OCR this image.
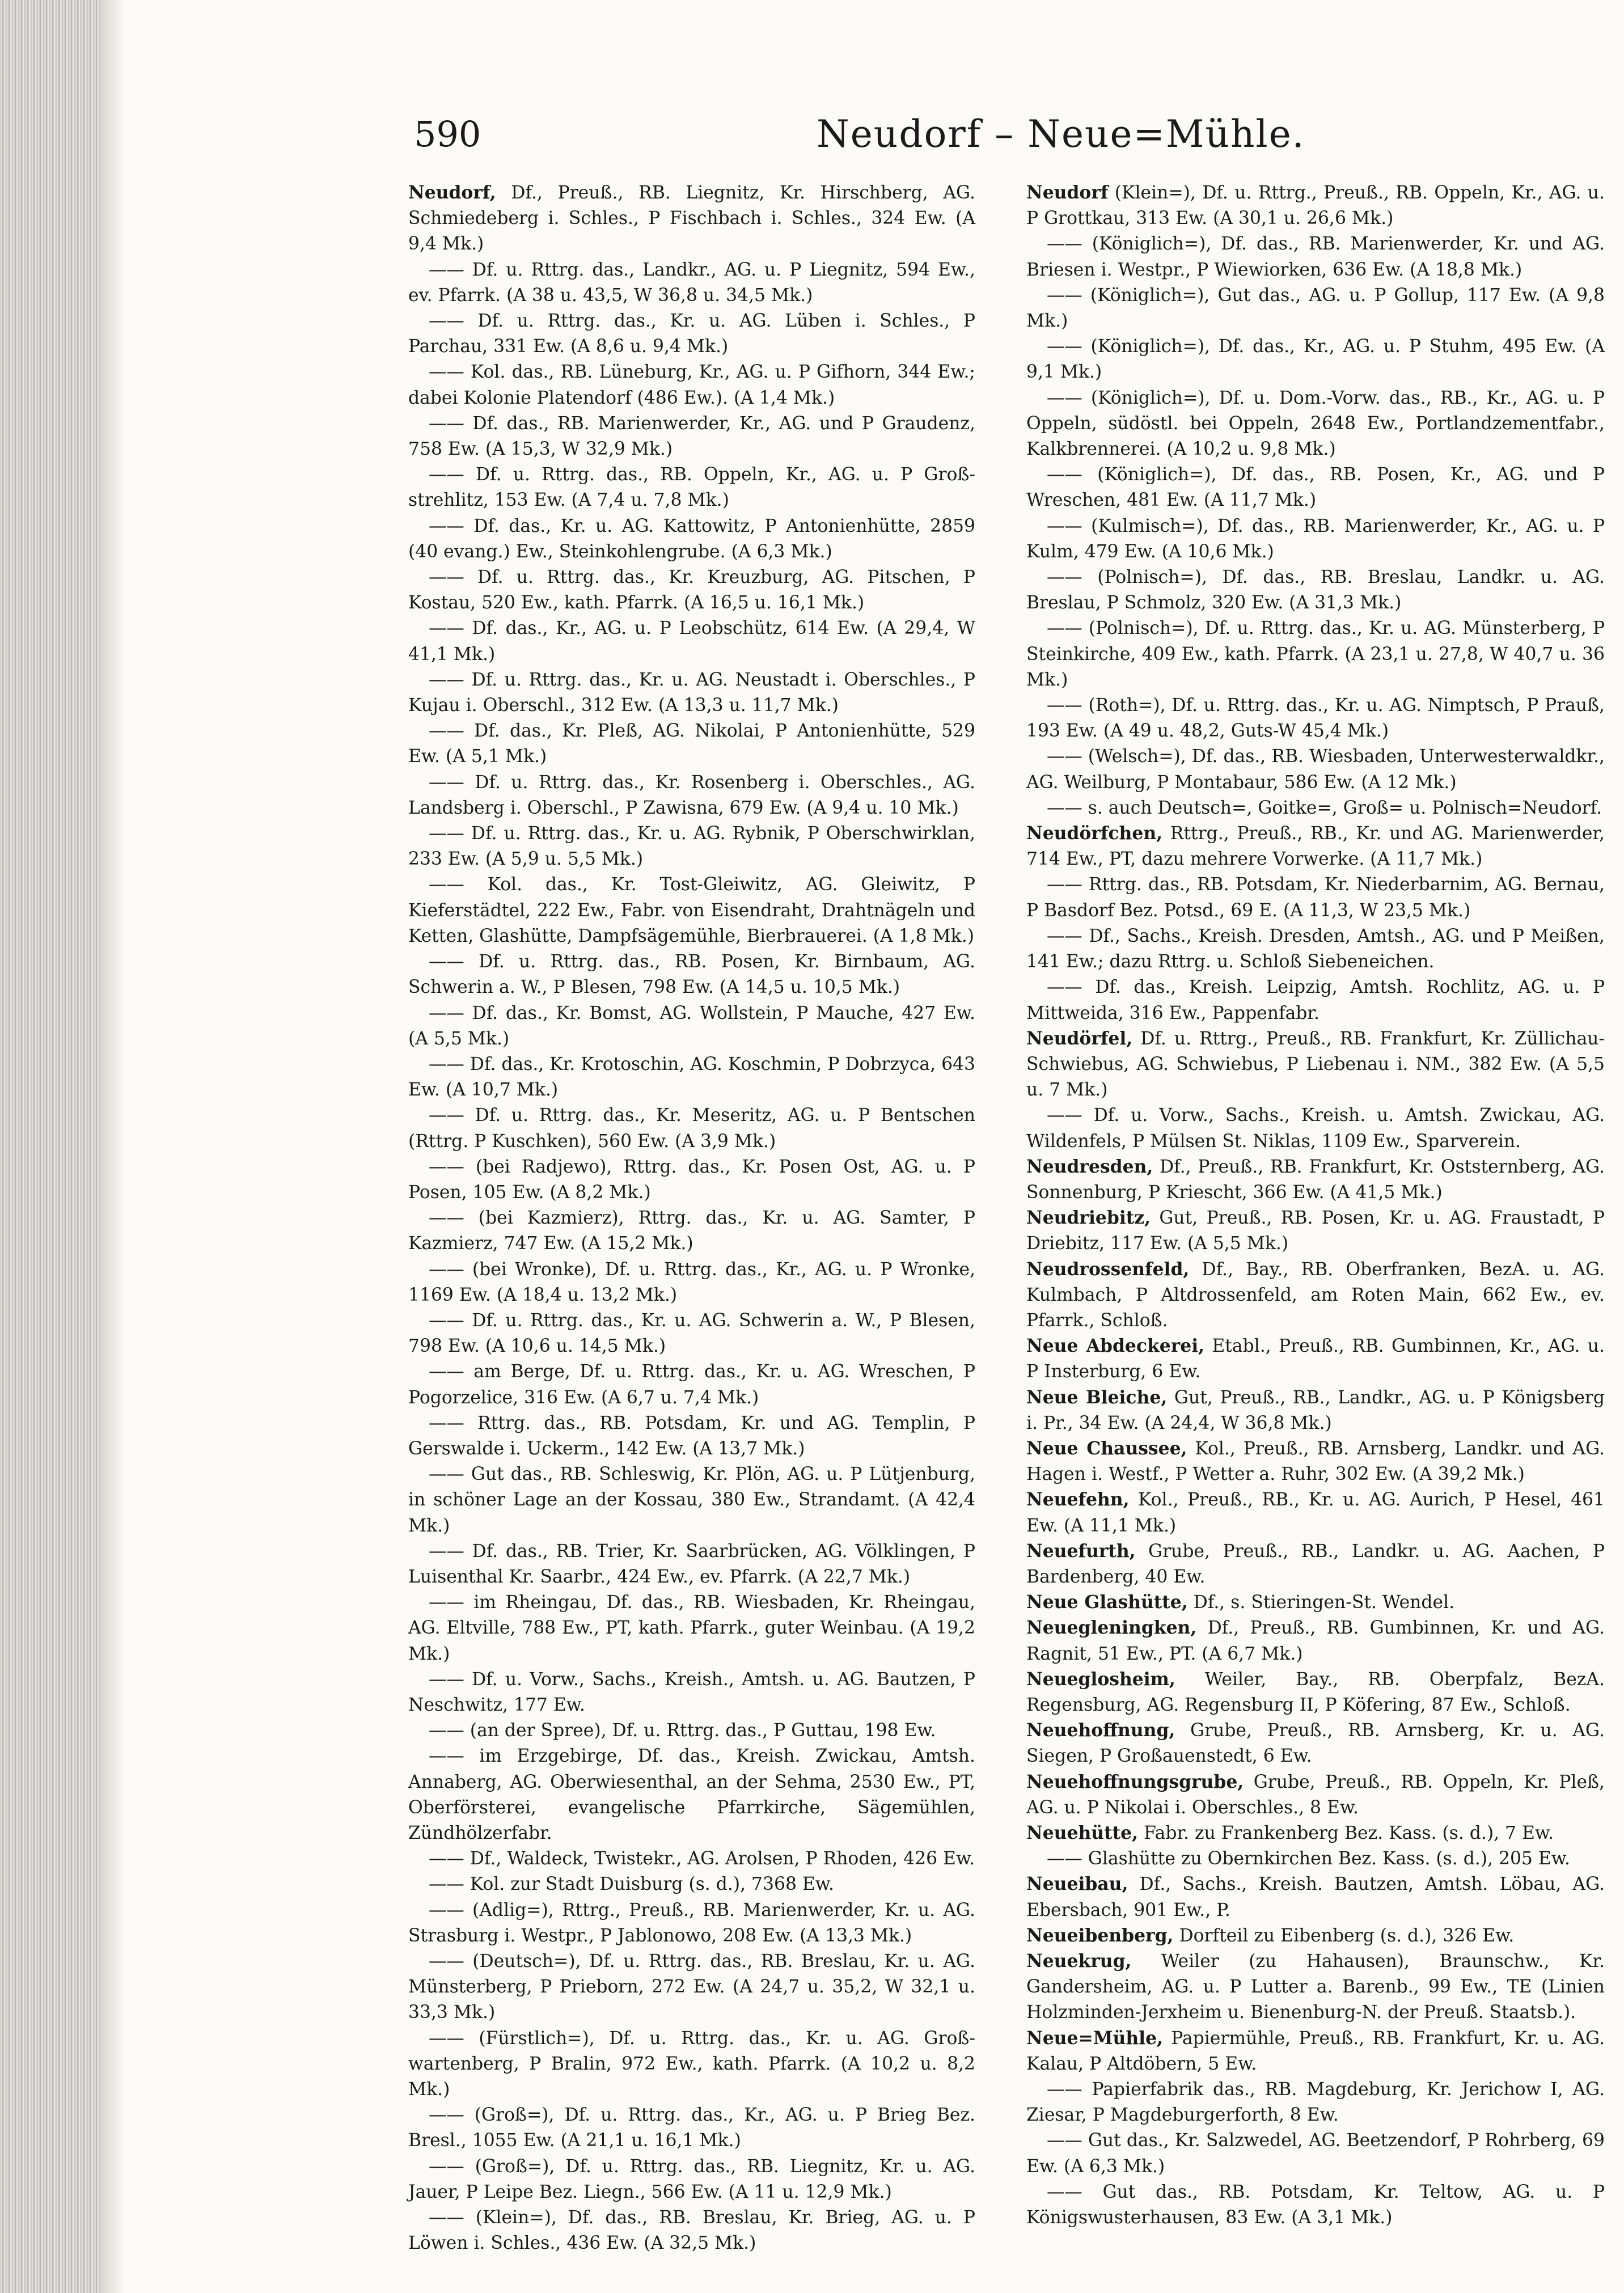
590	Neudorf – Neue=Mühle.

Neudorf, Df., Preuß., RB. Liegnitz, Kr. Hirschberg, AG. Schmiedeberg i. Schles., P Fischbach i. Schles., 324 Ew. (A 9,4 Mk.)

—— Df. u. Rttrg. das., Landkr., AG. u. P Liegnitz, 594 Ew., ev. Pfarrk. (A 38 u. 43,5, W 36,8 u. 34,5 Mk.)

—— Df. u. Rttrg. das., Kr. u. AG. Lüben i. Schles., P Parchau, 331 Ew. (A 8,6 u. 9,4 Mk.)

—— Kol. das., RB. Lüneburg, Kr., AG. u. P Gifhorn, 344 Ew.; dabei Kolonie Platendorf (486 Ew.). (A 1,4 Mk.)

—— Df. das., RB. Marienwerder, Kr., AG. und P Graudenz, 758 Ew. (A 15,3, W 32,9 Mk.)

—— Df. u. Rttrg. das., RB. Oppeln, Kr., AG. u. P Groß-strehlitz, 153 Ew. (A 7,4 u. 7,8 Mk.)

—— Df. das., Kr. u. AG. Kattowitz, P Antonienhütte, 2859 (40 evang.) Ew., Steinkohlengrube. (A 6,3 Mk.)

—— Df. u. Rttrg. das., Kr. Kreuzburg, AG. Pitschen, P Kostau, 520 Ew., kath. Pfarrk. (A 16,5 u. 16,1 Mk.)

—— Df. das., Kr., AG. u. P Leobschütz, 614 Ew. (A 29,4, W 41,1 Mk.)

—— Df. u. Rttrg. das., Kr. u. AG. Neustadt i. Oberschles., P Kujau i. Oberschl., 312 Ew. (A 13,3 u. 11,7 Mk.)

—— Df. das., Kr. Pleß, AG. Nikolai, P Antonienhütte, 529 Ew. (A 5,1 Mk.)

—— Df. u. Rttrg. das., Kr. Rosenberg i. Oberschles., AG. Landsberg i. Oberschl., P Zawisna, 679 Ew. (A 9,4 u. 10 Mk.)

—— Df. u. Rttrg. das., Kr. u. AG. Rybnik, P Oberschwirklan, 233 Ew. (A 5,9 u. 5,5 Mk.)

—— Kol. das., Kr. Tost-Gleiwitz, AG. Gleiwitz, P Kieferstädtel, 222 Ew., Fabr. von Eisendraht, Drahtnägeln und Ketten, Glashütte, Dampfsägemühle, Bierbrauerei. (A 1,8 Mk.)

—— Df. u. Rttrg. das., RB. Posen, Kr. Birnbaum, AG. Schwerin a. W., P Blesen, 798 Ew. (A 14,5 u. 10,5 Mk.)

—— Df. das., Kr. Bomst, AG. Wollstein, P Mauche, 427 Ew. (A 5,5 Mk.)

—— Df. das., Kr. Krotoschin, AG. Koschmin, P Dobrzyca, 643 Ew. (A 10,7 Mk.)

—— Df. u. Rttrg. das., Kr. Meseritz, AG. u. P Bentschen (Rttrg. P Kuschken), 560 Ew. (A 3,9 Mk.)

—— (bei Radjewo), Rttrg. das., Kr. Posen Ost, AG. u. P Posen, 105 Ew. (A 8,2 Mk.)

—— (bei Kazmierz), Rttrg. das., Kr. u. AG. Samter, P Kazmierz, 747 Ew. (A 15,2 Mk.)

—— (bei Wronke), Df. u. Rttrg. das., Kr., AG. u. P Wronke, 1169 Ew. (A 18,4 u. 13,2 Mk.)

—— Df. u. Rttrg. das., Kr. u. AG. Schwerin a. W., P Blesen, 798 Ew. (A 10,6 u. 14,5 Mk.)

—— am Berge, Df. u. Rttrg. das., Kr. u. AG. Wreschen, P Pogorzelice, 316 Ew. (A 6,7 u. 7,4 Mk.)

—— Rttrg. das., RB. Potsdam, Kr. und AG. Templin, P Gerswalde i. Uckerm., 142 Ew. (A 13,7 Mk.)

—— Gut das., RB. Schleswig, Kr. Plön, AG. u. P Lütjenburg, in schöner Lage an der Kossau, 380 Ew., Strandamt. (A 42,4 Mk.)

—— Df. das., RB. Trier, Kr. Saarbrücken, AG. Völklingen, P Luisenthal Kr. Saarbr., 424 Ew., ev. Pfarrk. (A 22,7 Mk.)

—— im Rheingau, Df. das., RB. Wiesbaden, Kr. Rheingau, AG. Eltville, 788 Ew., PT, kath. Pfarrk., guter Weinbau. (A 19,2 Mk.)

—— Df. u. Vorw., Sachs., Kreish., Amtsh. u. AG. Bautzen, P Neschwitz, 177 Ew.

—— (an der Spree), Df. u. Rttrg. das., P Guttau, 198 Ew.

—— im Erzgebirge, Df. das., Kreish. Zwickau, Amtsh. Annaberg, AG. Oberwiesenthal, an der Sehma, 2530 Ew., PT, Oberförsterei, evangelische Pfarrkirche, Sägemühlen, Zündhölzerfabr.

—— Df., Waldeck, Twistekr., AG. Arolsen, P Rhoden, 426 Ew.

—— Kol. zur Stadt Duisburg (s. d.), 7368 Ew.

—— (Adlig=), Rttrg., Preuß., RB. Marienwerder, Kr. u. AG. Strasburg i. Westpr., P Jablonowo, 208 Ew. (A 13,3 Mk.)

—— (Deutsch=), Df. u. Rttrg. das., RB. Breslau, Kr. u. AG. Münsterberg, P Prieborn, 272 Ew. (A 24,7 u. 35,2, W 32,1 u. 33,3 Mk.)

—— (Fürstlich=), Df. u. Rttrg. das., Kr. u. AG. Groß-wartenberg, P Bralin, 972 Ew., kath. Pfarrk. (A 10,2 u. 8,2 Mk.)

—— (Groß=), Df. u. Rttrg. das., Kr., AG. u. P Brieg Bez. Bresl., 1055 Ew. (A 21,1 u. 16,1 Mk.)

—— (Groß=), Df. u. Rttrg. das., RB. Liegnitz, Kr. u. AG. Jauer, P Leipe Bez. Liegn., 566 Ew. (A 11 u. 12,9 Mk.)

—— (Klein=), Df. das., RB. Breslau, Kr. Brieg, AG. u. P Löwen i. Schles., 436 Ew. (A 32,5 Mk.)

Neudorf (Klein=), Df. u. Rttrg., Preuß., RB. Oppeln, Kr., AG. u. P Grottkau, 313 Ew. (A 30,1 u. 26,6 Mk.)

—— (Königlich=), Df. das., RB. Marienwerder, Kr. und AG. Briesen i. Westpr., P Wiewiorken, 636 Ew. (A 18,8 Mk.)

—— (Königlich=), Gut das., AG. u. P Gollup, 117 Ew. (A 9,8 Mk.)

—— (Königlich=), Df. das., Kr., AG. u. P Stuhm, 495 Ew. (A 9,1 Mk.)

—— (Königlich=), Df. u. Dom.-Vorw. das., RB., Kr., AG. u. P Oppeln, südöstl. bei Oppeln, 2648 Ew., Portlandzementfabr., Kalkbrennerei. (A 10,2 u. 9,8 Mk.)

—— (Königlich=), Df. das., RB. Posen, Kr., AG. und P Wreschen, 481 Ew. (A 11,7 Mk.)

—— (Kulmisch=), Df. das., RB. Marienwerder, Kr., AG. u. P Kulm, 479 Ew. (A 10,6 Mk.)

—— (Polnisch=), Df. das., RB. Breslau, Landkr. u. AG. Breslau, P Schmolz, 320 Ew. (A 31,3 Mk.)

—— (Polnisch=), Df. u. Rttrg. das., Kr. u. AG. Münsterberg, P Steinkirche, 409 Ew., kath. Pfarrk. (A 23,1 u. 27,8, W 40,7 u. 36 Mk.)

—— (Roth=), Df. u. Rttrg. das., Kr. u. AG. Nimptsch, P Prauß, 193 Ew. (A 49 u. 48,2, Guts-W 45,4 Mk.)

—— (Welsch=), Df. das., RB. Wiesbaden, Unterwesterwaldkr., AG. Weilburg, P Montabaur, 586 Ew. (A 12 Mk.)

—— s. auch Deutsch=, Goitke=, Groß= u. Polnisch=Neudorf.

Neudörfchen, Rttrg., Preuß., RB., Kr. und AG. Marienwerder, 714 Ew., PT, dazu mehrere Vorwerke. (A 11,7 Mk.)

—— Rttrg. das., RB. Potsdam, Kr. Niederbarnim, AG. Bernau, P Basdorf Bez. Potsd., 69 E. (A 11,3, W 23,5 Mk.)

—— Df., Sachs., Kreish. Dresden, Amtsh., AG. und P Meißen, 141 Ew.; dazu Rttrg. u. Schloß Siebeneichen.

—— Df. das., Kreish. Leipzig, Amtsh. Rochlitz, AG. u. P Mittweida, 316 Ew., Pappenfabr.

Neudörfel, Df. u. Rttrg., Preuß., RB. Frankfurt, Kr. Züllichau-Schwiebus, AG. Schwiebus, P Liebenau i. NM., 382 Ew. (A 5,5 u. 7 Mk.)

—— Df. u. Vorw., Sachs., Kreish. u. Amtsh. Zwickau, AG. Wildenfels, P Mülsen St. Niklas, 1109 Ew., Sparverein.

Neudresden, Df., Preuß., RB. Frankfurt, Kr. Oststernberg, AG. Sonnenburg, P Kriescht, 366 Ew. (A 41,5 Mk.)

Neudriebitz, Gut, Preuß., RB. Posen, Kr. u. AG. Fraustadt, P Driebitz, 117 Ew. (A 5,5 Mk.)

Neudrossenfeld, Df., Bay., RB. Oberfranken, BezA. u. AG. Kulmbach, P Altdrossenfeld, am Roten Main, 662 Ew., ev. Pfarrk., Schloß.

Neue Abdeckerei, Etabl., Preuß., RB. Gumbinnen, Kr., AG. u. P Insterburg, 6 Ew.

Neue Bleiche, Gut, Preuß., RB., Landkr., AG. u. P Königsberg i. Pr., 34 Ew. (A 24,4, W 36,8 Mk.)

Neue Chaussee, Kol., Preuß., RB. Arnsberg, Landkr. und AG. Hagen i. Westf., P Wetter a. Ruhr, 302 Ew. (A 39,2 Mk.)

Neuefehn, Kol., Preuß., RB., Kr. u. AG. Aurich, P Hesel, 461 Ew. (A 11,1 Mk.)

Neuefurth, Grube, Preuß., RB., Landkr. u. AG. Aachen, P Bardenberg, 40 Ew.

Neue Glashütte, Df., s. Stieringen-St. Wendel.

Neuegleningken, Df., Preuß., RB. Gumbinnen, Kr. und AG. Ragnit, 51 Ew., PT. (A 6,7 Mk.)

Neueglosheim, Weiler, Bay., RB. Oberpfalz, BezA. Regensburg, AG. Regensburg II, P Köfering, 87 Ew., Schloß.

Neuehoffnung, Grube, Preuß., RB. Arnsberg, Kr. u. AG. Siegen, P Großauenstedt, 6 Ew.

Neuehoffnungsgrube, Grube, Preuß., RB. Oppeln, Kr. Pleß, AG. u. P Nikolai i. Oberschles., 8 Ew.

Neuehütte, Fabr. zu Frankenberg Bez. Kass. (s. d.), 7 Ew.

—— Glashütte zu Obernkirchen Bez. Kass. (s. d.), 205 Ew.

Neueibau, Df., Sachs., Kreish. Bautzen, Amtsh. Löbau, AG. Ebersbach, 901 Ew., P.

Neueibenberg, Dorfteil zu Eibenberg (s. d.), 326 Ew.

Neuekrug, Weiler (zu Hahausen), Braunschw., Kr. Gandersheim, AG. u. P Lutter a. Barenb., 99 Ew., TE (Linien Holzminden-Jerxheim u. Bienenburg-N. der Preuß. Staatsb.).

Neue=Mühle, Papiermühle, Preuß., RB. Frankfurt, Kr. u. AG. Kalau, P Altdöbern, 5 Ew.

—— Papierfabrik das., RB. Magdeburg, Kr. Jerichow I, AG. Ziesar, P Magdeburgerforth, 8 Ew.

—— Gut das., Kr. Salzwedel, AG. Beetzendorf, P Rohrberg, 69 Ew. (A 6,3 Mk.)

—— Gut das., RB. Potsdam, Kr. Teltow, AG. u. P Königswusterhausen, 83 Ew. (A 3,1 Mk.)
